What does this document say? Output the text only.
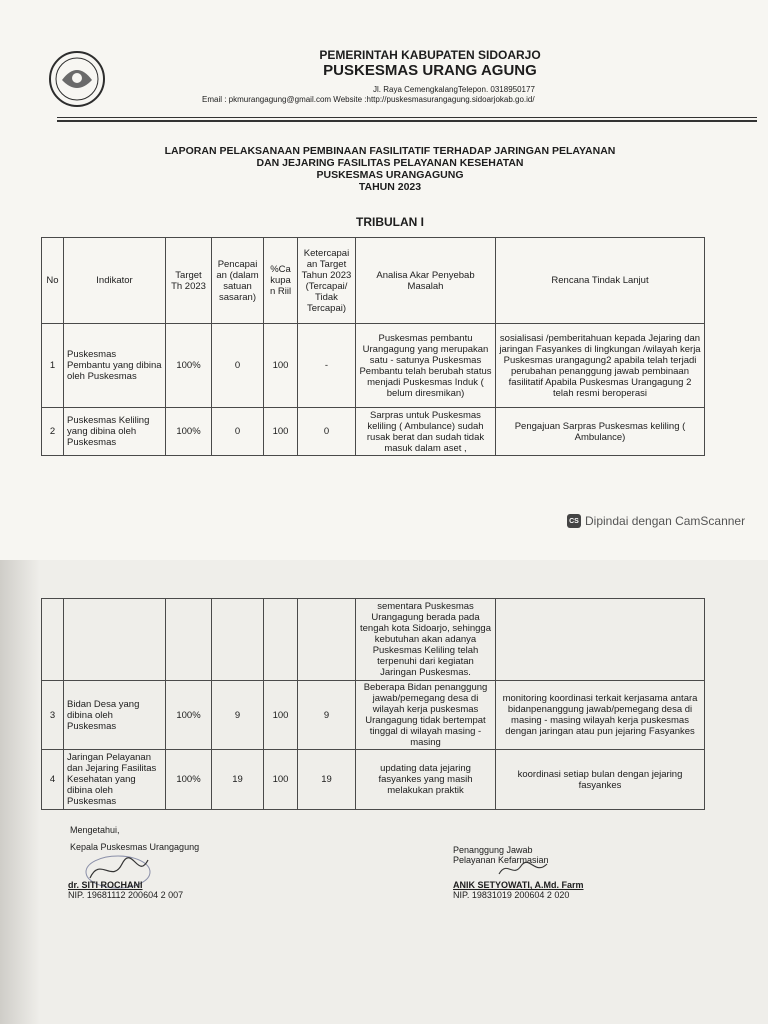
PEMERINTAH KABUPATEN SIDOARJO
PUSKESMAS URANG AGUNG
Jl. Raya CemengkalangTelepon. 0318950177
Email : pkmurangagung@gmail.com Website :http://puskesmasurangagung.sidoarjokab.go.id/
LAPORAN PELAKSANAAN PEMBINAAN FASILITATIF TERHADAP JARINGAN PELAYANAN
DAN JEJARING FASILITAS PELAYANAN KESEHATAN
PUSKESMAS URANGAGUNG
TAHUN 2023
TRIBULAN I
No	Indikator	Target Th 2023	Pencapai an (dalam satuan sasaran)	%Ca kupa n Riil	Ketercapai an Target Tahun 2023 (Tercapai/ Tidak Tercapai)	Analisa Akar Penyebab Masalah	Rencana Tindak Lanjut
1	Puskesmas Pembantu yang dibina oleh Puskesmas	100%	0	100	-	Puskesmas pembantu Urangagung yang merupakan satu - satunya Puskesmas Pembantu telah berubah status menjadi Puskesmas Induk ( belum diresmikan)	sosialisasi /pemberitahuan kepada Jejaring dan jaringan Fasyankes di lingkungan /wilayah kerja Puskesmas urangagung2 apabila telah terjadi perubahan penanggung jawab pembinaan fasilitatif Apabila Puskesmas Urangagung 2 telah resmi beroperasi
2	Puskesmas Keliling yang dibina oleh Puskesmas	100%	0	100	0	Sarpras untuk Puskesmas keliling ( Ambulance) sudah rusak berat dan sudah tidak masuk dalam aset ,	Pengajuan Sarpras Puskesmas keliling ( Ambulance)
CS Dipindai dengan CamScanner
						sementara Puskesmas Urangagung berada pada tengah kota Sidoarjo, sehingga kebutuhan akan adanya Puskesmas Keliling telah terpenuhi dari kegiatan Jaringan Puskesmas.	
3	Bidan Desa yang dibina oleh Puskesmas	100%	9	100	9	Beberapa Bidan penanggung jawab/pemegang desa di wilayah kerja puskesmas Urangagung tidak bertempat tinggal di wilayah masing - masing	monitoring koordinasi terkait kerjasama antara bidanpenanggung jawab/pemegang desa di masing - masing wilayah kerja puskesmas dengan jaringan atau pun jejaring Fasyankes
4	Jaringan Pelayanan dan Jejaring Fasilitas Kesehatan yang dibina oleh Puskesmas	100%	19	100	19	updating data jejaring fasyankes yang masih melakukan praktik	koordinasi setiap bulan dengan jejaring fasyankes
Mengetahui,
Kepala Puskesmas Urangagung
dr. SITI ROCHANI
NIP. 19681112 200604 2 007
Penanggung Jawab
Pelayanan Kefarmasian
ANIK SETYOWATI, A.Md. Farm
NIP. 19831019 200604 2 020
